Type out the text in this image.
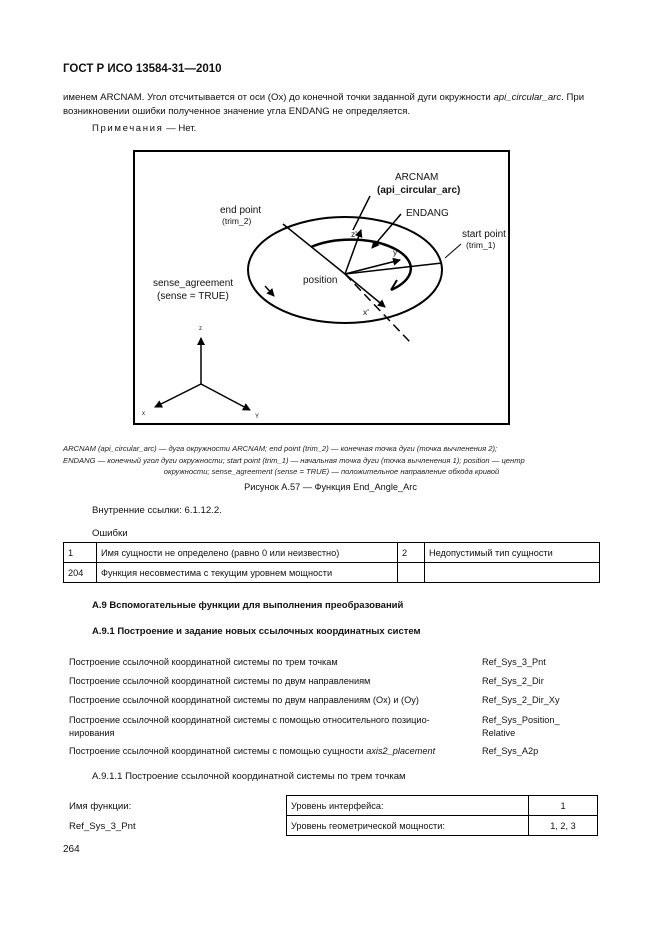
ГОСТ Р ИСО 13584-31—2010
именем ARCNAM. Угол отсчитывается от оси (Ox) до конечной точки заданной дуги окружности api_circular_arc. При
возникновении ошибки полученное значение угла ENDANG не определяется.
Примечания — Нет.
ARCNAM
(api_circular_arc)
ENDANG
end point
(trim_2)
start point
(trim_1)
sense_agreement
(sense = TRUE)
position
z'
y'
x'
z
x	Y
ARCNAM (api_circular_arc) — дуга окружности ARCNAM; end point (trim_2) — конечная точка дуги (точка вычленения 2);
ENDANG — конечный угол дуги окружности; start point (trim_1) — начальная точка дуги (точка вычленения 1); position — центр
окружности; sense_agreement (sense = TRUE) — положительное направление обхода кривой
Рисунок А.57 — Функция End_Angle_Arc
Внутренние ссылки: 6.1.12.2.
Ошибки
1	Имя сущности не определено (равно 0 или неизвестно)	2	Недопустимый тип сущности
204	Функция несовместима с текущим уровнем мощности		
А.9 Вспомогательные функции для выполнения преобразований
А.9.1 Построение и задание новых ссылочных координатных систем
Построение ссылочной координатной системы по трем точкам	Ref_Sys_3_Pnt
Построение ссылочной координатной системы по двум направлениям	Ref_Sys_2_Dir
Построение ссылочной координатной системы по двум направлениям (Ox) и (Oy)	Ref_Sys_2_Dir_Xy
Построение ссылочной координатной системы с помощью относительного позицио-
нирования
Ref_Sys_Position_
Relative
Построение ссылочной координатной системы с помощью сущности axis2_placement	Ref_Sys_A2p
А.9.1.1 Построение ссылочной координатной системы по трем точкам
Имя функции:
Ref_Sys_3_Pnt
Уровень интерфейса:	1
Уровень геометрической мощности:	1, 2, 3
264
